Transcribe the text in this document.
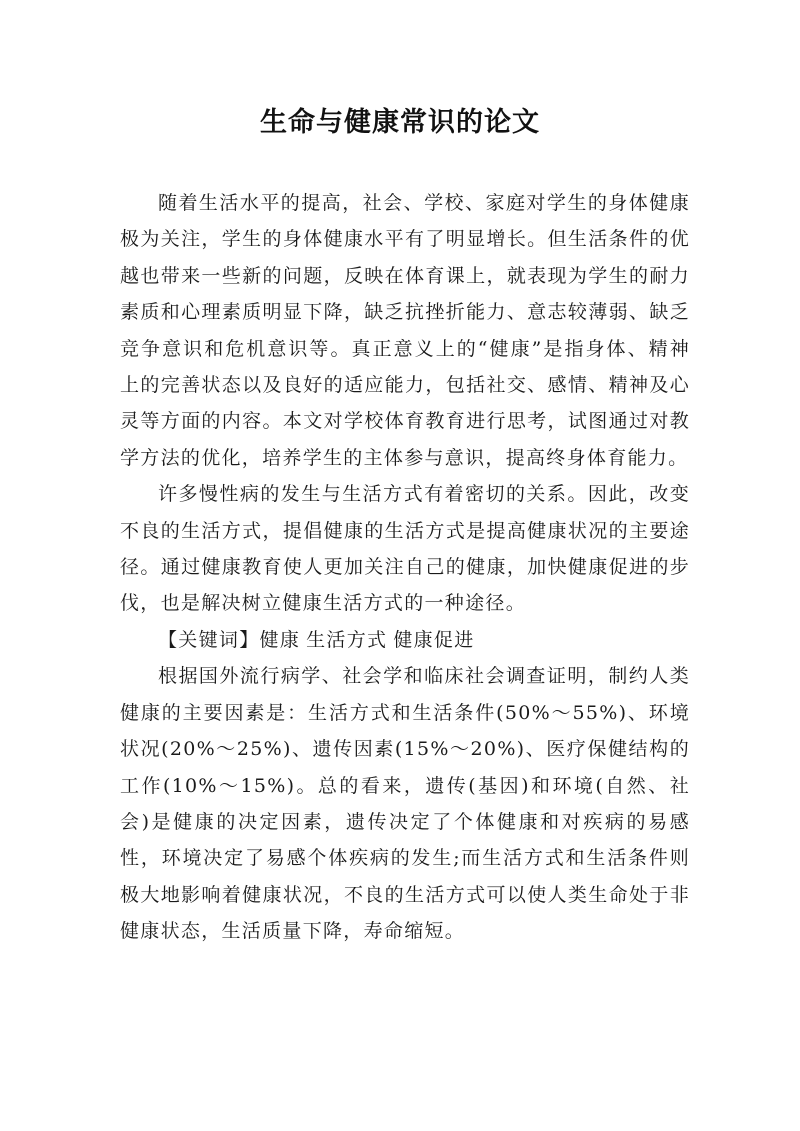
生命与健康常识的论文

随着生活水平的提高，社会、学校、家庭对学生的身体健康极为关注，学生的身体健康水平有了明显增长。但生活条件的优越也带来一些新的问题，反映在体育课上，就表现为学生的耐力素质和心理素质明显下降，缺乏抗挫折能力、意志较薄弱、缺乏竞争意识和危机意识等。真正意义上的“健康”是指身体、精神上的完善状态以及良好的适应能力，包括社交、感情、精神及心灵等方面的内容。本文对学校体育教育进行思考，试图通过对教学方法的优化，培养学生的主体参与意识，提高终身体育能力。

许多慢性病的发生与生活方式有着密切的关系。因此，改变不良的生活方式，提倡健康的生活方式是提高健康状况的主要途径。通过健康教育使人更加关注自己的健康，加快健康促进的步伐，也是解决树立健康生活方式的一种途径。

【关键词】健康 生活方式 健康促进

根据国外流行病学、社会学和临床社会调查证明，制约人类健康的主要因素是：生活方式和生活条件(50%～55%)、环境状况(20%～25%)、遗传因素(15%～20%)、医疗保健结构的工作(10%～15%)。总的看来，遗传(基因)和环境(自然、社会)是健康的决定因素，遗传决定了个体健康和对疾病的易感性，环境决定了易感个体疾病的发生;而生活方式和生活条件则极大地影响着健康状况，不良的生活方式可以使人类生命处于非健康状态，生活质量下降，寿命缩短。
